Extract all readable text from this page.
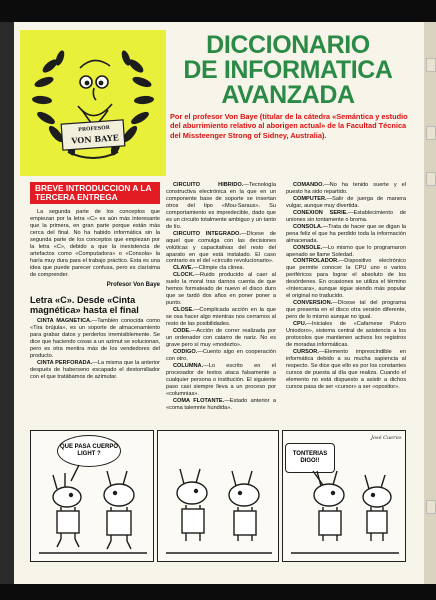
PROFESOR
VON BAYE
DICCIONARIO
DE INFORMATICA
AVANZADA
Por el profesor Von Baye (titular de la cátedra «Semántica y estudio del aburrimiento relativo al aborigen actual» de la Facultad Técnica del Missteenger Strong of Sidney, Australia).
BREVE INTRODUCCION A LA TERCERA ENTREGA

La segunda parte de los conceptos que empiezan por la letra «C» es aún más interesante que la primera, en gran parte porque están más cerca del final. No ha habido informática sin la segunda parte de los conceptos que empiezan por la letra «C», debido a que la inexistencia de artefactos como «Computadora» o «Consola» la haría muy dura para el trabajo práctico. Esta es una idea que puede parecer confusa, pero es clarísima de comprender.

Profesor Von Baye
Letra «C». Desde «Cinta magnética» hasta el final

CINTA MAGNETICA.—También conocida como «Tira brújula», es un soporte de almacenamiento para grabar datos y perderlos irremisiblemente. Se dice que haciendo cosas a un azimut se solucionan, pero es otra mentira más de los vendedores del producto.

CINTA PERFORADA.—La misma que la anterior después de haberseno escapado el destornillador con el que tratábamos de azimutar.

CIRCUITO HIBRIDO.—Tecnología constructiva electrónica en la que en un componente base de soporte se insertan otros del tipo «Mou-Saraus». Su comportamiento es impredecible, dado que es un circuito totalmente ambiguo y un tanto de lío.

CIRCUITO INTEGRADO.—Dícese de aquel que comulga con las decisiones volúticas y capacitativas del resto del aparato en que está instalado. El caso contrario es el del «circuito revolucionario».

CLAVE.—Clímpie cla clinea.

CLOCK.—Ruido producido al caer al suelo la moral tras darnos cuenta de que hemos formateado de nuevo el disco duro que se tardó dos años en poner poner a punto.

CLOSE.—Complicada acción en la que se osa hacer algo mientras nos cerramos al resto de las posibilidades.

CODE.—Acción de correr realizada por un ordenador con catarro de nariz. No es grave pero sí muy «modezto».

CODIGO.—Cuento algo en cooperación con otro.

COLUMNA.—Lo escrito en el procesador de textos ataca falsamente a cualquier persona o institución. El siguiente paso casi siempre lleva a un proceso por «columnias».

COMA FLOTANTE.—Estado anterior a «coma talemnte hundida».

COMANDO.—No ha tenido suerte y el puesto ha sido repartido.

COMPUTER.—Salir de juerga de manera vulgar, aunque muy divertida.

CONEXION SERIE.—Establecimiento de uniones sin tontamente o broma.

CONSOLA.—Trata de hacer que se digan la pena feliz el que ha perdido toda la información almacenada.

CONSOLE.—Lo mismo que lo programaron apenado se llame Soledad.

CONTROLADOR.—Dispositivo electrónico que permite conocer la CPU uno o varios periféricos para lograr el absoluto de los desórdenes. En ocasiones se utiliza el término «Intercara», aunque sigue siendo más popular el original no traducido.

CONVERSION.—Dícese tal del programa que presenta en el disco otra versión diferente, pero de lo mismo aunque no igual.

CPU.—Iniciales de «Cafarnese Pulcro Uniodoro», sistema central de asistencia a los protocolos que mantienen activos los registros de moradas informáticas.

CURSOR.—Elemento imprescindible en informática debido a su mucha sapiencia al respecto. Se dice que ello es por los constantes cursos de puesta al día que realiza. Cuando el elemento no está dispuesto a asistir a dichos cursos pasa de ser «cursor» a ser «opositor».

QUE PASA CUERPO LIGHT ?
José Cuervo
TONTERIAS DIGO!!
